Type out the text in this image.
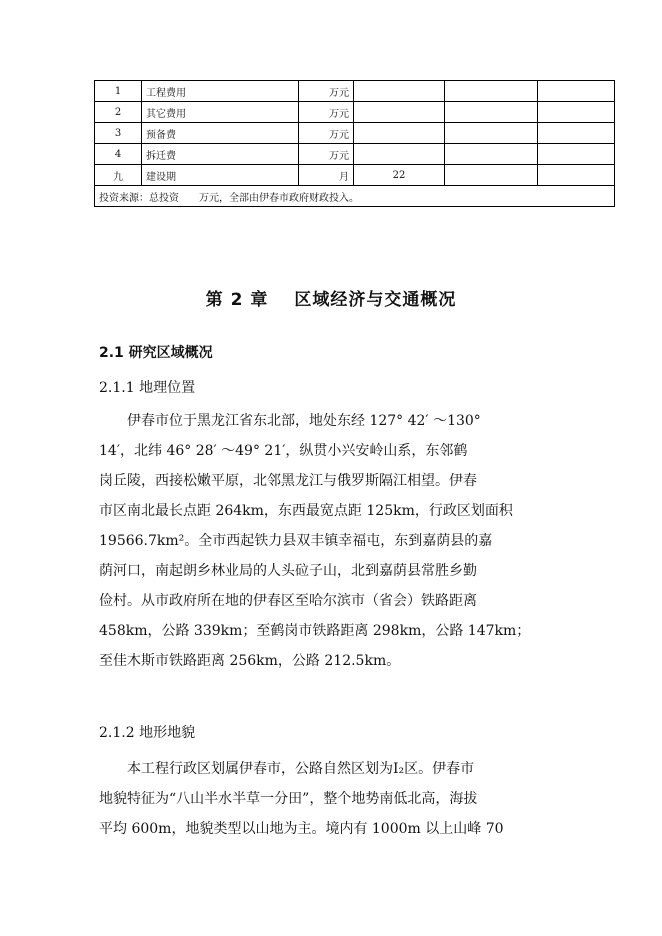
1	工程费用	万元			
2	其它费用	万元			
3	预备费	万元			
4	拆迁费	万元			
九	建设期	月	22		
投资来源：总投资　　万元，全部由伊春市政府财政投入。					
第 2 章 区域经济与交通概况
2.1 研究区域概况
2.1.1 地理位置
　　伊春市位于黑龙江省东北部，地处东经 127° 42′ ～130°
14′，北纬 46° 28′ ～49° 21′，纵贯小兴安岭山系，东邻鹤
岗丘陵，西接松嫩平原，北邻黑龙江与俄罗斯隔江相望。伊春
市区南北最长点距 264km，东西最宽点距 125km，行政区划面积
19566.7km²。全市西起铁力县双丰镇幸福屯，东到嘉荫县的嘉
荫河口，南起朗乡林业局的人头砬子山，北到嘉荫县常胜乡勤
俭村。从市政府所在地的伊春区至哈尔滨市（省会）铁路距离
458km，公路 339km；至鹤岗市铁路距离 298km，公路 147km；
至佳木斯市铁路距离 256km，公路 212.5km。
2.1.2 地形地貌
　　本工程行政区划属伊春市，公路自然区划为Ⅰ₂区。伊春市
地貌特征为“八山半水半草一分田”，整个地势南低北高，海拔
平均 600m，地貌类型以山地为主。境内有 1000m 以上山峰 70
